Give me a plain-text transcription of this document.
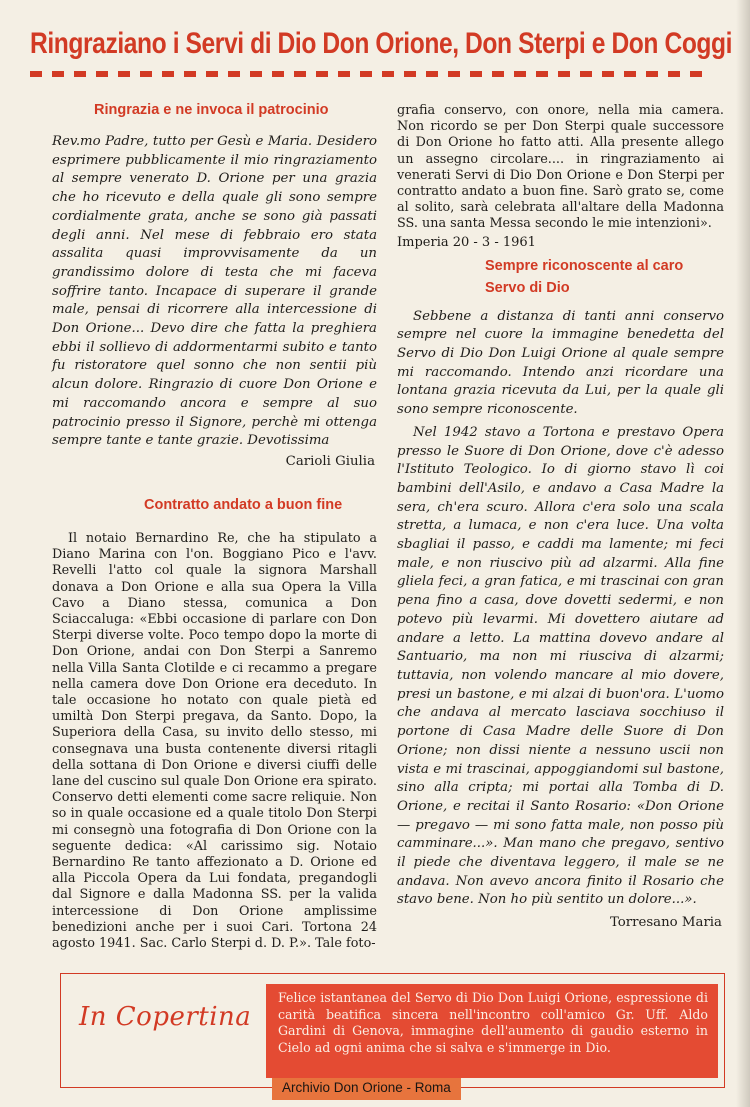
Ringraziano i Servi di Dio Don Orione, Don Sterpi e Don Coggi
Ringrazia e ne invoca il patrocinio
Rev.mo Padre, tutto per Gesù e Maria. Desidero esprimere pubblicamente il mio ringraziamento al sempre venerato D. Orione per una grazia che ho ricevuto e della quale gli sono sempre cordialmente grata, anche se sono già passati degli anni. Nel mese di febbraio ero stata assalita quasi improvvisamente da un grandissimo dolore di testa che mi faceva soffrire tanto. Incapace di superare il grande male, pensai di ricorrere alla intercessione di Don Orione... Devo dire che fatta la preghiera ebbi il sollievo di addormentarmi subito e tanto fu ristoratore quel sonno che non sentii più alcun dolore. Ringrazio di cuore Don Orione e mi raccomando ancora e sempre al suo patrocinio presso il Signore, perchè mi ottenga sempre tante e tante grazie. Devotissima
Carioli Giulia
Contratto andato a buon fine
Il notaio Bernardino Re, che ha stipulato a Diano Marina con l'on. Boggiano Pico e l'avv. Revelli l'atto col quale la signora Marshall donava a Don Orione e alla sua Opera la Villa Cavo a Diano stessa, comunica a Don Sciaccaluga: «Ebbi occasione di parlare con Don Sterpi diverse volte. Poco tempo dopo la morte di Don Orione, andai con Don Sterpi a Sanremo nella Villa Santa Clotilde e ci recammo a pregare nella camera dove Don Orione era deceduto. In tale occasione ho notato con quale pietà ed umiltà Don Sterpi pregava, da Santo. Dopo, la Superiora della Casa, su invito dello stesso, mi consegnava una busta contenente diversi ritagli della sottana di Don Orione e diversi ciuffi delle lane del cuscino sul quale Don Orione era spirato. Conservo detti elementi come sacre reliquie. Non so in quale occasione ed a quale titolo Don Sterpi mi consegnò una fotografia di Don Orione con la seguente dedica: «Al carissimo sig. Notaio Bernardino Re tanto affezionato a D. Orione ed alla Piccola Opera da Lui fondata, pregandogli dal Signore e dalla Madonna SS. per la valida intercessione di Don Orione amplissime benedizioni anche per i suoi Cari. Tortona 24 agosto 1941. Sac. Carlo Sterpi d. D. P.». Tale foto-
grafia conservo, con onore, nella mia camera. Non ricordo se per Don Sterpi quale successore di Don Orione ho fatto atti. Alla presente allego un assegno circolare.... in ringraziamento ai venerati Servi di Dio Don Orione e Don Sterpi per contratto andato a buon fine. Sarò grato se, come al solito, sarà celebrata all'altare della Madonna SS. una santa Messa secondo le mie intenzioni».
Imperia 20 - 3 - 1961
Sempre riconoscente al caro
Servo di Dio
Sebbene a distanza di tanti anni conservo sempre nel cuore la immagine benedetta del Servo di Dio Don Luigi Orione al quale sempre mi raccomando. Intendo anzi ricordare una lontana grazia ricevuta da Lui, per la quale gli sono sempre riconoscente.
Nel 1942 stavo a Tortona e prestavo Opera presso le Suore di Don Orione, dove c'è adesso l'Istituto Teologico. Io di giorno stavo lì coi bambini dell'Asilo, e andavo a Casa Madre la sera, ch'era scuro. Allora c'era solo una scala stretta, a lumaca, e non c'era luce. Una volta sbagliai il passo, e caddi ma lamente; mi feci male, e non riuscivo più ad alzarmi. Alla fine gliela feci, a gran fatica, e mi trascinai con gran pena fino a casa, dove dovetti sedermi, e non potevo più levarmi. Mi dovettero aiutare ad andare a letto. La mattina dovevo andare al Santuario, ma non mi riusciva di alzarmi; tuttavia, non volendo mancare al mio dovere, presi un bastone, e mi alzai di buon'ora. L'uomo che andava al mercato lasciava socchiuso il portone di Casa Madre delle Suore di Don Orione; non dissi niente a nessuno uscii non vista e mi trascinai, appoggiandomi sul bastone, sino alla cripta; mi portai alla Tomba di D. Orione, e recitai il Santo Rosario: «Don Orione — pregavo — mi sono fatta male, non posso più camminare...». Man mano che pregavo, sentivo il piede che diventava leggero, il male se ne andava. Non avevo ancora finito il Rosario che stavo bene. Non ho più sentito un dolore...».
Torresano Maria
In Copertina
Felice istantanea del Servo di Dio Don Luigi Orione, espressione di carità beatifica sincera nell'incontro coll'amico Gr. Uff. Aldo Gardini di Genova, immagine dell'aumento di gaudio esterno in Cielo ad ogni anima che si salva e s'immerge in Dio.
Archivio Don Orione - Roma
